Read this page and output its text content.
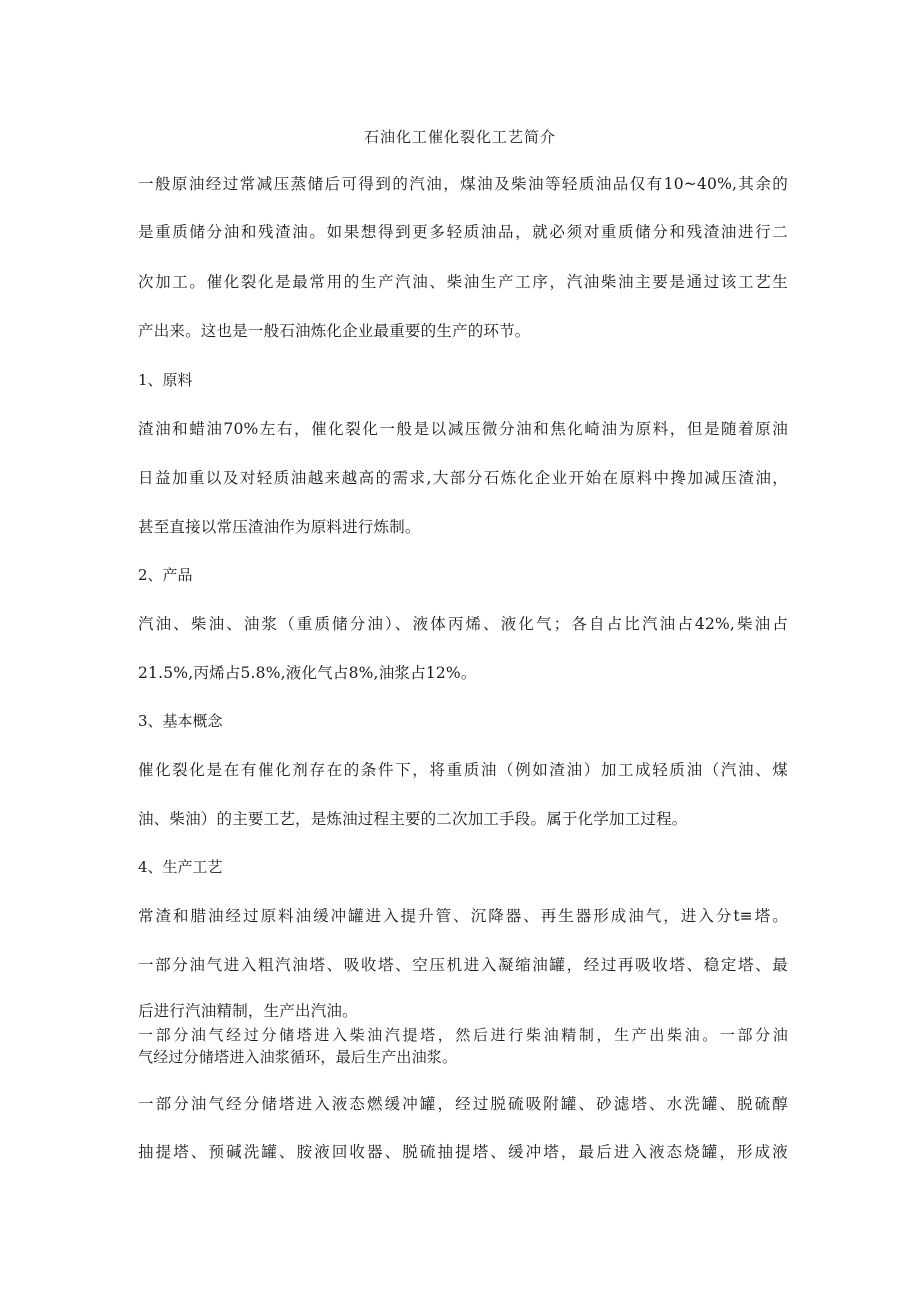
石油化工催化裂化工艺简介
一般原油经过常减压蒸储后可得到的汽油，煤油及柴油等轻质油品仅有10~40%,其余的
是重质储分油和残渣油。如果想得到更多轻质油品，就必须对重质储分和残渣油进行二
次加工。催化裂化是最常用的生产汽油、柴油生产工序，汽油柴油主要是通过该工艺生
产出来。这也是一般石油炼化企业最重要的生产的环节。
1、原料
渣油和蜡油70%左右，催化裂化一般是以减压微分油和焦化崎油为原料，但是随着原油
日益加重以及对轻质油越来越高的需求,大部分石炼化企业开始在原料中搀加减压渣油，
甚至直接以常压渣油作为原料进行炼制。
2、产品
汽油、柴油、油浆（重质储分油）、液体丙烯、液化气；各自占比汽油占42%,柴油占
21.5%,丙烯占5.8%,液化气占8%,油浆占12%。
3、基本概念
催化裂化是在有催化剂存在的条件下，将重质油（例如渣油）加工成轻质油（汽油、煤
油、柴油）的主要工艺，是炼油过程主要的二次加工手段。属于化学加工过程。
4、生产工艺
常渣和腊油经过原料油缓冲罐进入提升管、沉降器、再生器形成油气，进入分t≡塔。
一部分油气进入粗汽油塔、吸收塔、空压机进入凝缩油罐，经过再吸收塔、稳定塔、最
后进行汽油精制，生产出汽油。
一部分油气经过分储塔进入柴油汽提塔，然后进行柴油精制，生产出柴油。一部分油
气经过分储塔进入油浆循环，最后生产出油浆。
一部分油气经分储塔进入液态燃缓冲罐，经过脱硫吸附罐、砂滤塔、水洗罐、脱硫醇
抽提塔、预碱洗罐、胺液回收器、脱硫抽提塔、缓冲塔，最后进入液态烧罐，形成液
